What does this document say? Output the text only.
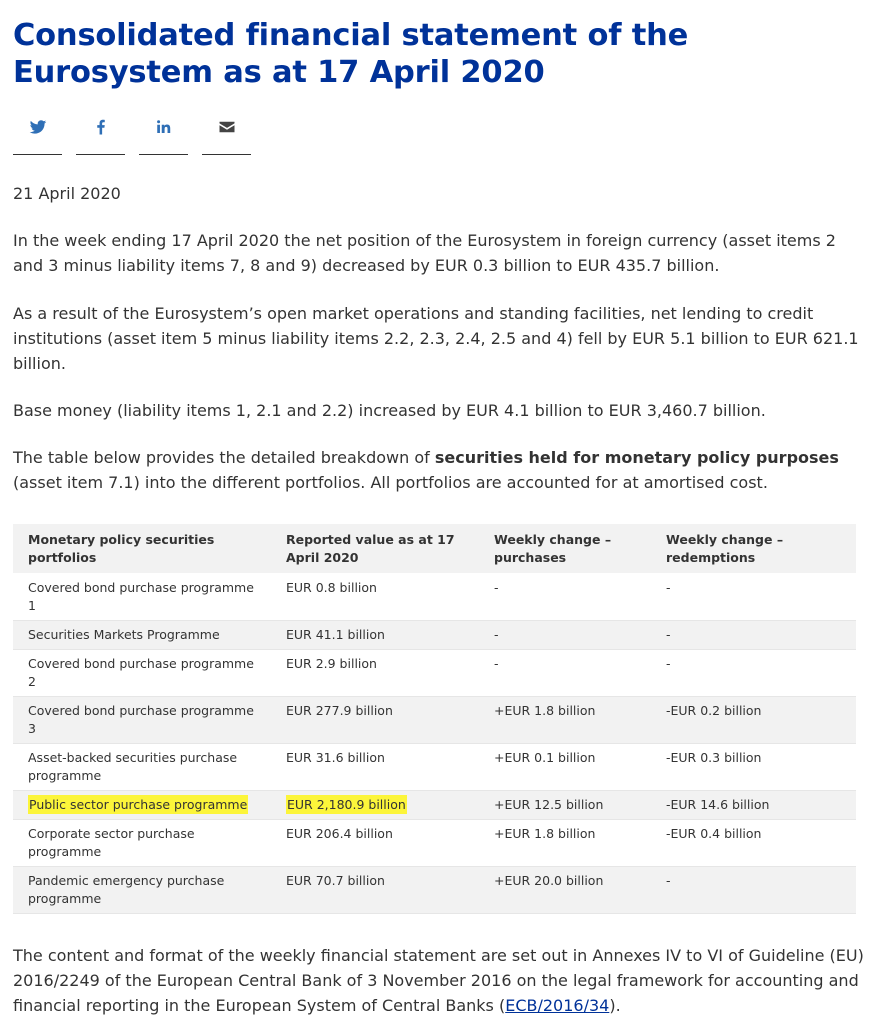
Consolidated financial statement of the Eurosystem as at 17 April 2020
21 April 2020

In the week ending 17 April 2020 the net position of the Eurosystem in foreign currency (asset items 2 and 3 minus liability items 7, 8 and 9) decreased by EUR 0.3 billion to EUR 435.7 billion.

As a result of the Eurosystem’s open market operations and standing facilities, net lending to credit institutions (asset item 5 minus liability items 2.2, 2.3, 2.4, 2.5 and 4) fell by EUR 5.1 billion to EUR 621.1 billion.

Base money (liability items 1, 2.1 and 2.2) increased by EUR 4.1 billion to EUR 3,460.7 billion.

The table below provides the detailed breakdown of securities held for monetary policy purposes (asset item 7.1) into the different portfolios. All portfolios are accounted for at amortised cost.

Monetary policy securities portfolios	Reported value as at 17 April 2020	Weekly change – purchases	Weekly change – redemptions
Covered bond purchase programme 1	EUR 0.8 billion	-	-
Securities Markets Programme	EUR 41.1 billion	-	-
Covered bond purchase programme 2	EUR 2.9 billion	-	-
Covered bond purchase programme 3	EUR 277.9 billion	+EUR 1.8 billion	-EUR 0.2 billion
Asset-backed securities purchase programme	EUR 31.6 billion	+EUR 0.1 billion	-EUR 0.3 billion
Public sector purchase programme	EUR 2,180.9 billion	+EUR 12.5 billion	-EUR 14.6 billion
Corporate sector purchase programme	EUR 206.4 billion	+EUR 1.8 billion	-EUR 0.4 billion
Pandemic emergency purchase programme	EUR 70.7 billion	+EUR 20.0 billion	-

The content and format of the weekly financial statement are set out in Annexes IV to VI of Guideline (EU) 2016/2249 of the European Central Bank of 3 November 2016 on the legal framework for accounting and financial reporting in the European System of Central Banks (ECB/2016/34).
